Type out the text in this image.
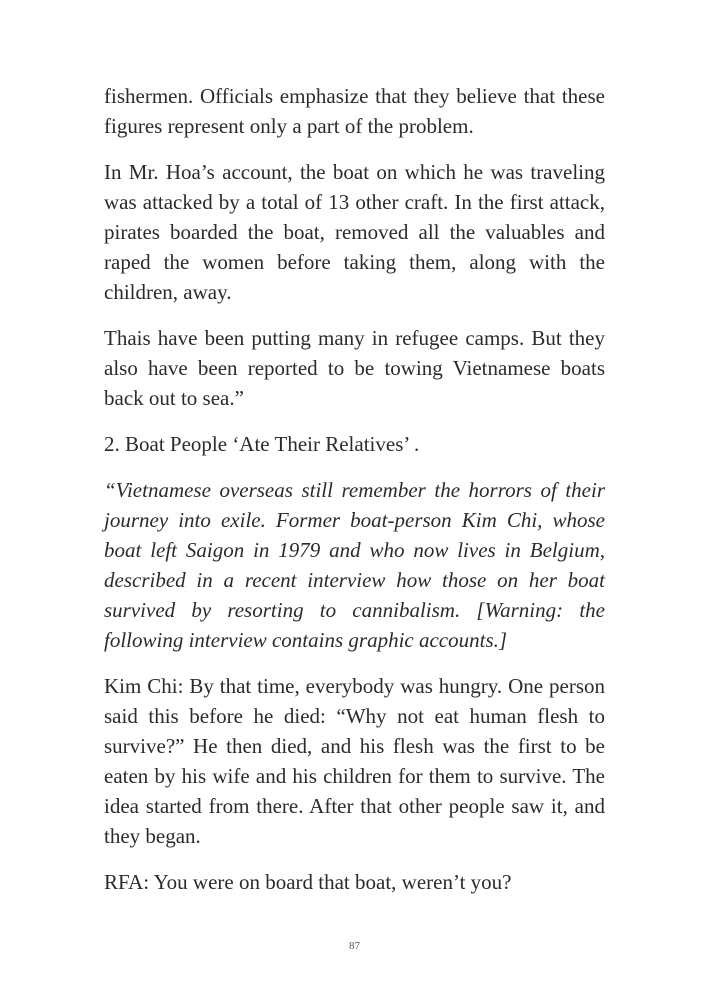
fishermen. Officials emphasize that they believe that these figures represent only a part of the problem.

In Mr. Hoa’s account, the boat on which he was traveling was attacked by a total of 13 other craft. In the first attack, pirates boarded the boat, removed all the valuables and raped the women before taking them, along with the children, away.

Thais have been putting many in refugee camps. But they also have been reported to be towing Vietnamese boats back out to sea.”

2. Boat People ‘Ate Their Relatives’ .

“Vietnamese overseas still remember the horrors of their journey into exile. Former boat-person Kim Chi, whose boat left Saigon in 1979 and who now lives in Belgium, described in a recent interview how those on her boat survived by resorting to cannibalism. [Warning: the following interview contains graphic accounts.]

Kim Chi: By that time, everybody was hungry. One person said this before he died: “Why not eat human flesh to survive?” He then died, and his flesh was the first to be eaten by his wife and his children for them to survive. The idea started from there. After that other people saw it, and they began.

RFA: You were on board that boat, weren’t you?

87
